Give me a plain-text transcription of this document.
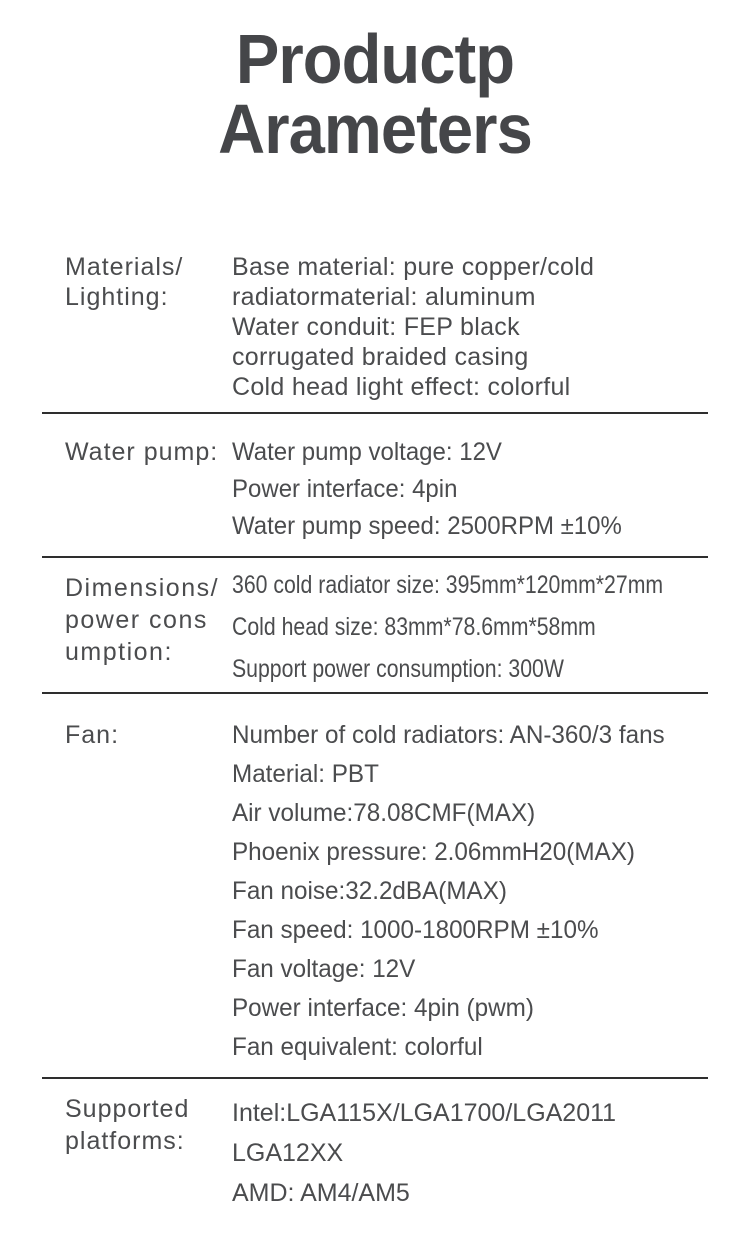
Productp
Arameters
Materials/
Lighting:
Base material: pure copper/cold
radiatormaterial: aluminum
Water conduit: FEP black
corrugated braided casing
Cold head light effect: colorful
Water pump: Water pump voltage: 12V
Power interface: 4pin
Water pump speed: 2500RPM ±10%
Dimensions/
power cons
umption:
360 cold radiator size: 395mm*120mm*27mm
Cold head size: 83mm*78.6mm*58mm
Support power consumption: 300W
Fan:	Number of cold radiators: AN-360/3 fans
Material: PBT
Air volume:78.08CMF(MAX)
Phoenix pressure: 2.06mmH20(MAX)
Fan noise:32.2dBA(MAX)
Fan speed: 1000-1800RPM ±10%
Fan voltage: 12V
Power interface: 4pin (pwm)
Fan equivalent: colorful
Supported
platforms:
Intel:LGA115X/LGA1700/LGA2011
LGA12XX
AMD: AM4/AM5
